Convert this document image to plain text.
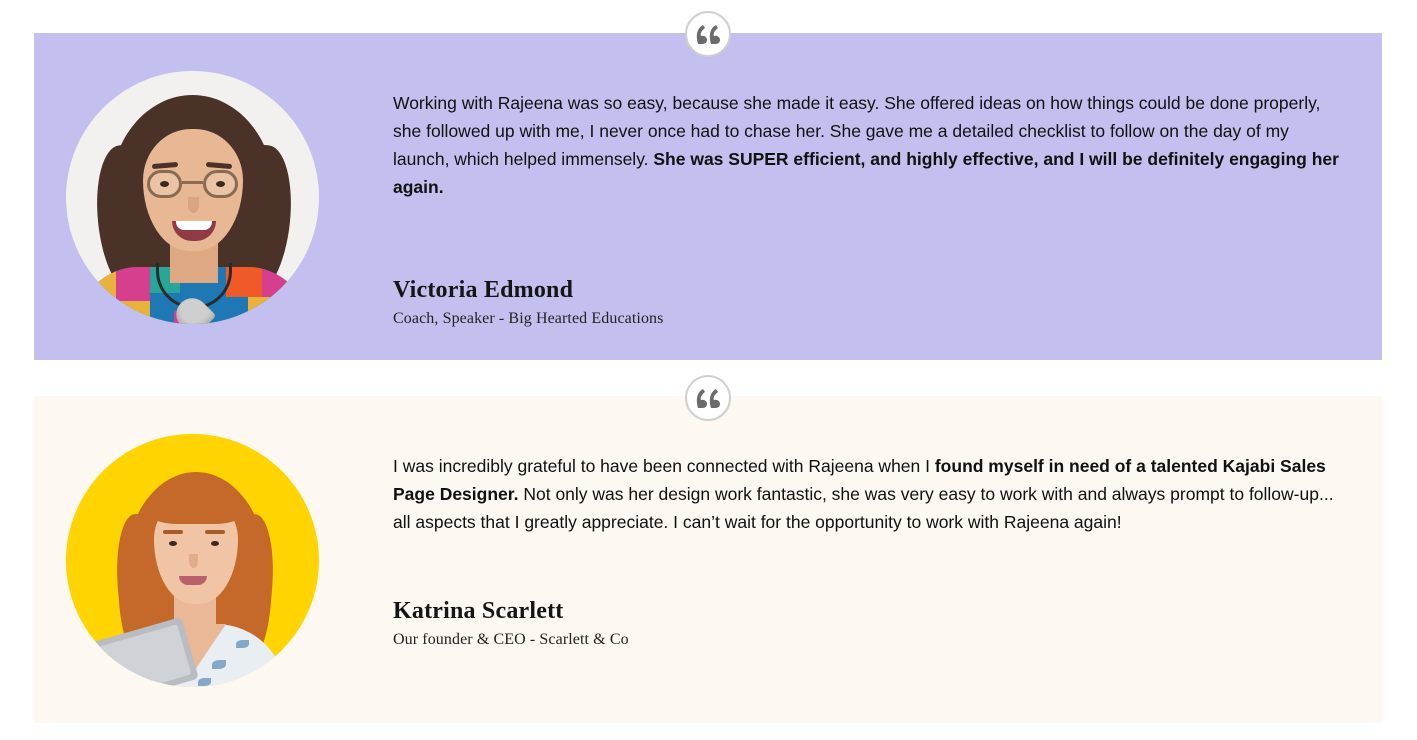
Working with Rajeena was so easy, because she made it easy. She offered ideas on how things could be done properly, she followed up with me, I never once had to chase her. She gave me a detailed checklist to follow on the day of my launch, which helped immensely. She was SUPER efficient, and highly effective, and I will be definitely engaging her again.

Victoria Edmond

Coach, Speaker - Big Hearted Educations

I was incredibly grateful to have been connected with Rajeena when I found myself in need of a talented Kajabi Sales Page Designer. Not only was her design work fantastic, she was very easy to work with and always prompt to follow-up... all aspects that I greatly appreciate. I can’t wait for the opportunity to work with Rajeena again!

Katrina Scarlett

Our founder & CEO - Scarlett & Co
